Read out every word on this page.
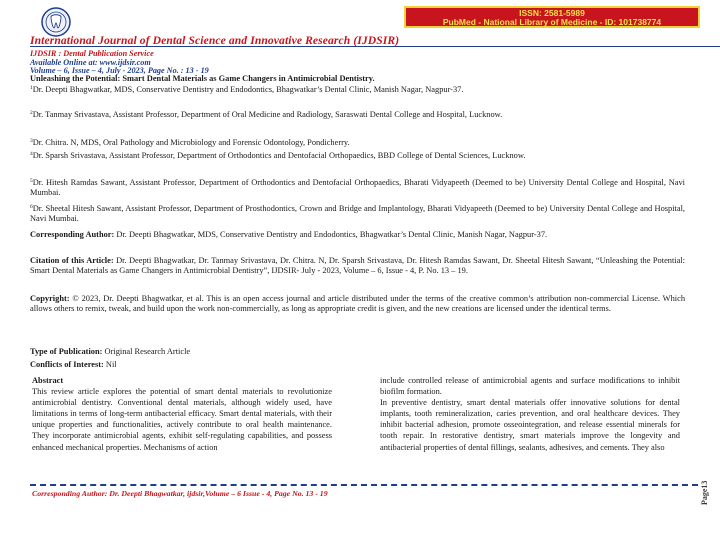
ISSN: 2581-5989
PubMed - National Library of Medicine - ID: 101738774
International Journal of Dental Science and Innovative Research (IJDSIR)
IJDSIR : Dental Publication Service
Available Online at: www.ijdsir.com
Volume – 6, Issue – 4, July - 2023, Page No. : 13 - 19
Unleashing the Potential: Smart Dental Materials as Game Changers in Antimicrobial Dentistry.
$^1$Dr. Deepti Bhagwatkar, MDS, Conservative Dentistry and Endodontics, Bhagwatkar’s Dental Clinic, Manish Nagar, Nagpur-37.
$^2$Dr. Tanmay Srivastava, Assistant Professor, Department of Oral Medicine and Radiology, Saraswati Dental College and Hospital, Lucknow.
$^3$Dr. Chitra. N, MDS, Oral Pathology and Microbiology and Forensic Odontology, Pondicherry.
$^4$Dr. Sparsh Srivastava, Assistant Professor, Department of Orthodontics and Dentofacial Orthopaedics, BBD College of Dental Sciences, Lucknow.
$^5$Dr. Hitesh Ramdas Sawant, Assistant Professor, Department of Orthodontics and Dentofacial Orthopaedics, Bharati Vidyapeeth (Deemed to be) University Dental College and Hospital, Navi Mumbai.
$^6$Dr. Sheetal Hitesh Sawant, Assistant Professor, Department of Prosthodontics, Crown and Bridge and Implantology, Bharati Vidyapeeth (Deemed to be) University Dental College and Hospital, Navi Mumbai.
Corresponding Author: Dr. Deepti Bhagwatkar, MDS, Conservative Dentistry and Endodontics, Bhagwatkar’s Dental Clinic, Manish Nagar, Nagpur-37.
Citation of this Article: Dr. Deepti Bhagwatkar, Dr. Tanmay Srivastava, Dr. Chitra. N, Dr. Sparsh Srivastava, Dr. Hitesh Ramdas Sawant, Dr. Sheetal Hitesh Sawant, “Unleashing the Potential: Smart Dental Materials as Game Changers in Antimicrobial Dentistry”, IJDSIR- July - 2023, Volume – 6, Issue - 4, P. No. 13 – 19.
Copyright: © 2023, Dr. Deepti Bhagwatkar, et al. This is an open access journal and article distributed under the terms of the creative common’s attribution non-commercial License. Which allows others to remix, tweak, and build upon the work non-commercially, as long as appropriate credit is given, and the new creations are licensed under the identical terms.
Type of Publication: Original Research Article
Conflicts of Interest: Nil

Abstract

This review article explores the potential of smart dental materials to revolutionize antimicrobial dentistry. Conventional dental materials, although widely used, have limitations in terms of long-term antibacterial efficacy. Smart dental materials, with their unique properties and functionalities, actively contribute to oral health maintenance. They incorporate antimicrobial agents, exhibit self-regulating capabilities, and possess enhanced mechanical properties. Mechanisms of action

include controlled release of antimicrobial agents and surface modifications to inhibit biofilm formation.

In preventive dentistry, smart dental materials offer innovative solutions for dental implants, tooth remineralization, caries prevention, and oral healthcare devices. They inhibit bacterial adhesion, promote osseointegration, and release essential minerals for tooth repair. In restorative dentistry, smart materials improve the longevity and antibacterial properties of dental fillings, sealants, adhesives, and cements. They also

Corresponding Author: Dr. Deepti Bhagwatkar, ijdsir,Volume – 6 Issue - 4, Page No. 13 - 19	Page13
